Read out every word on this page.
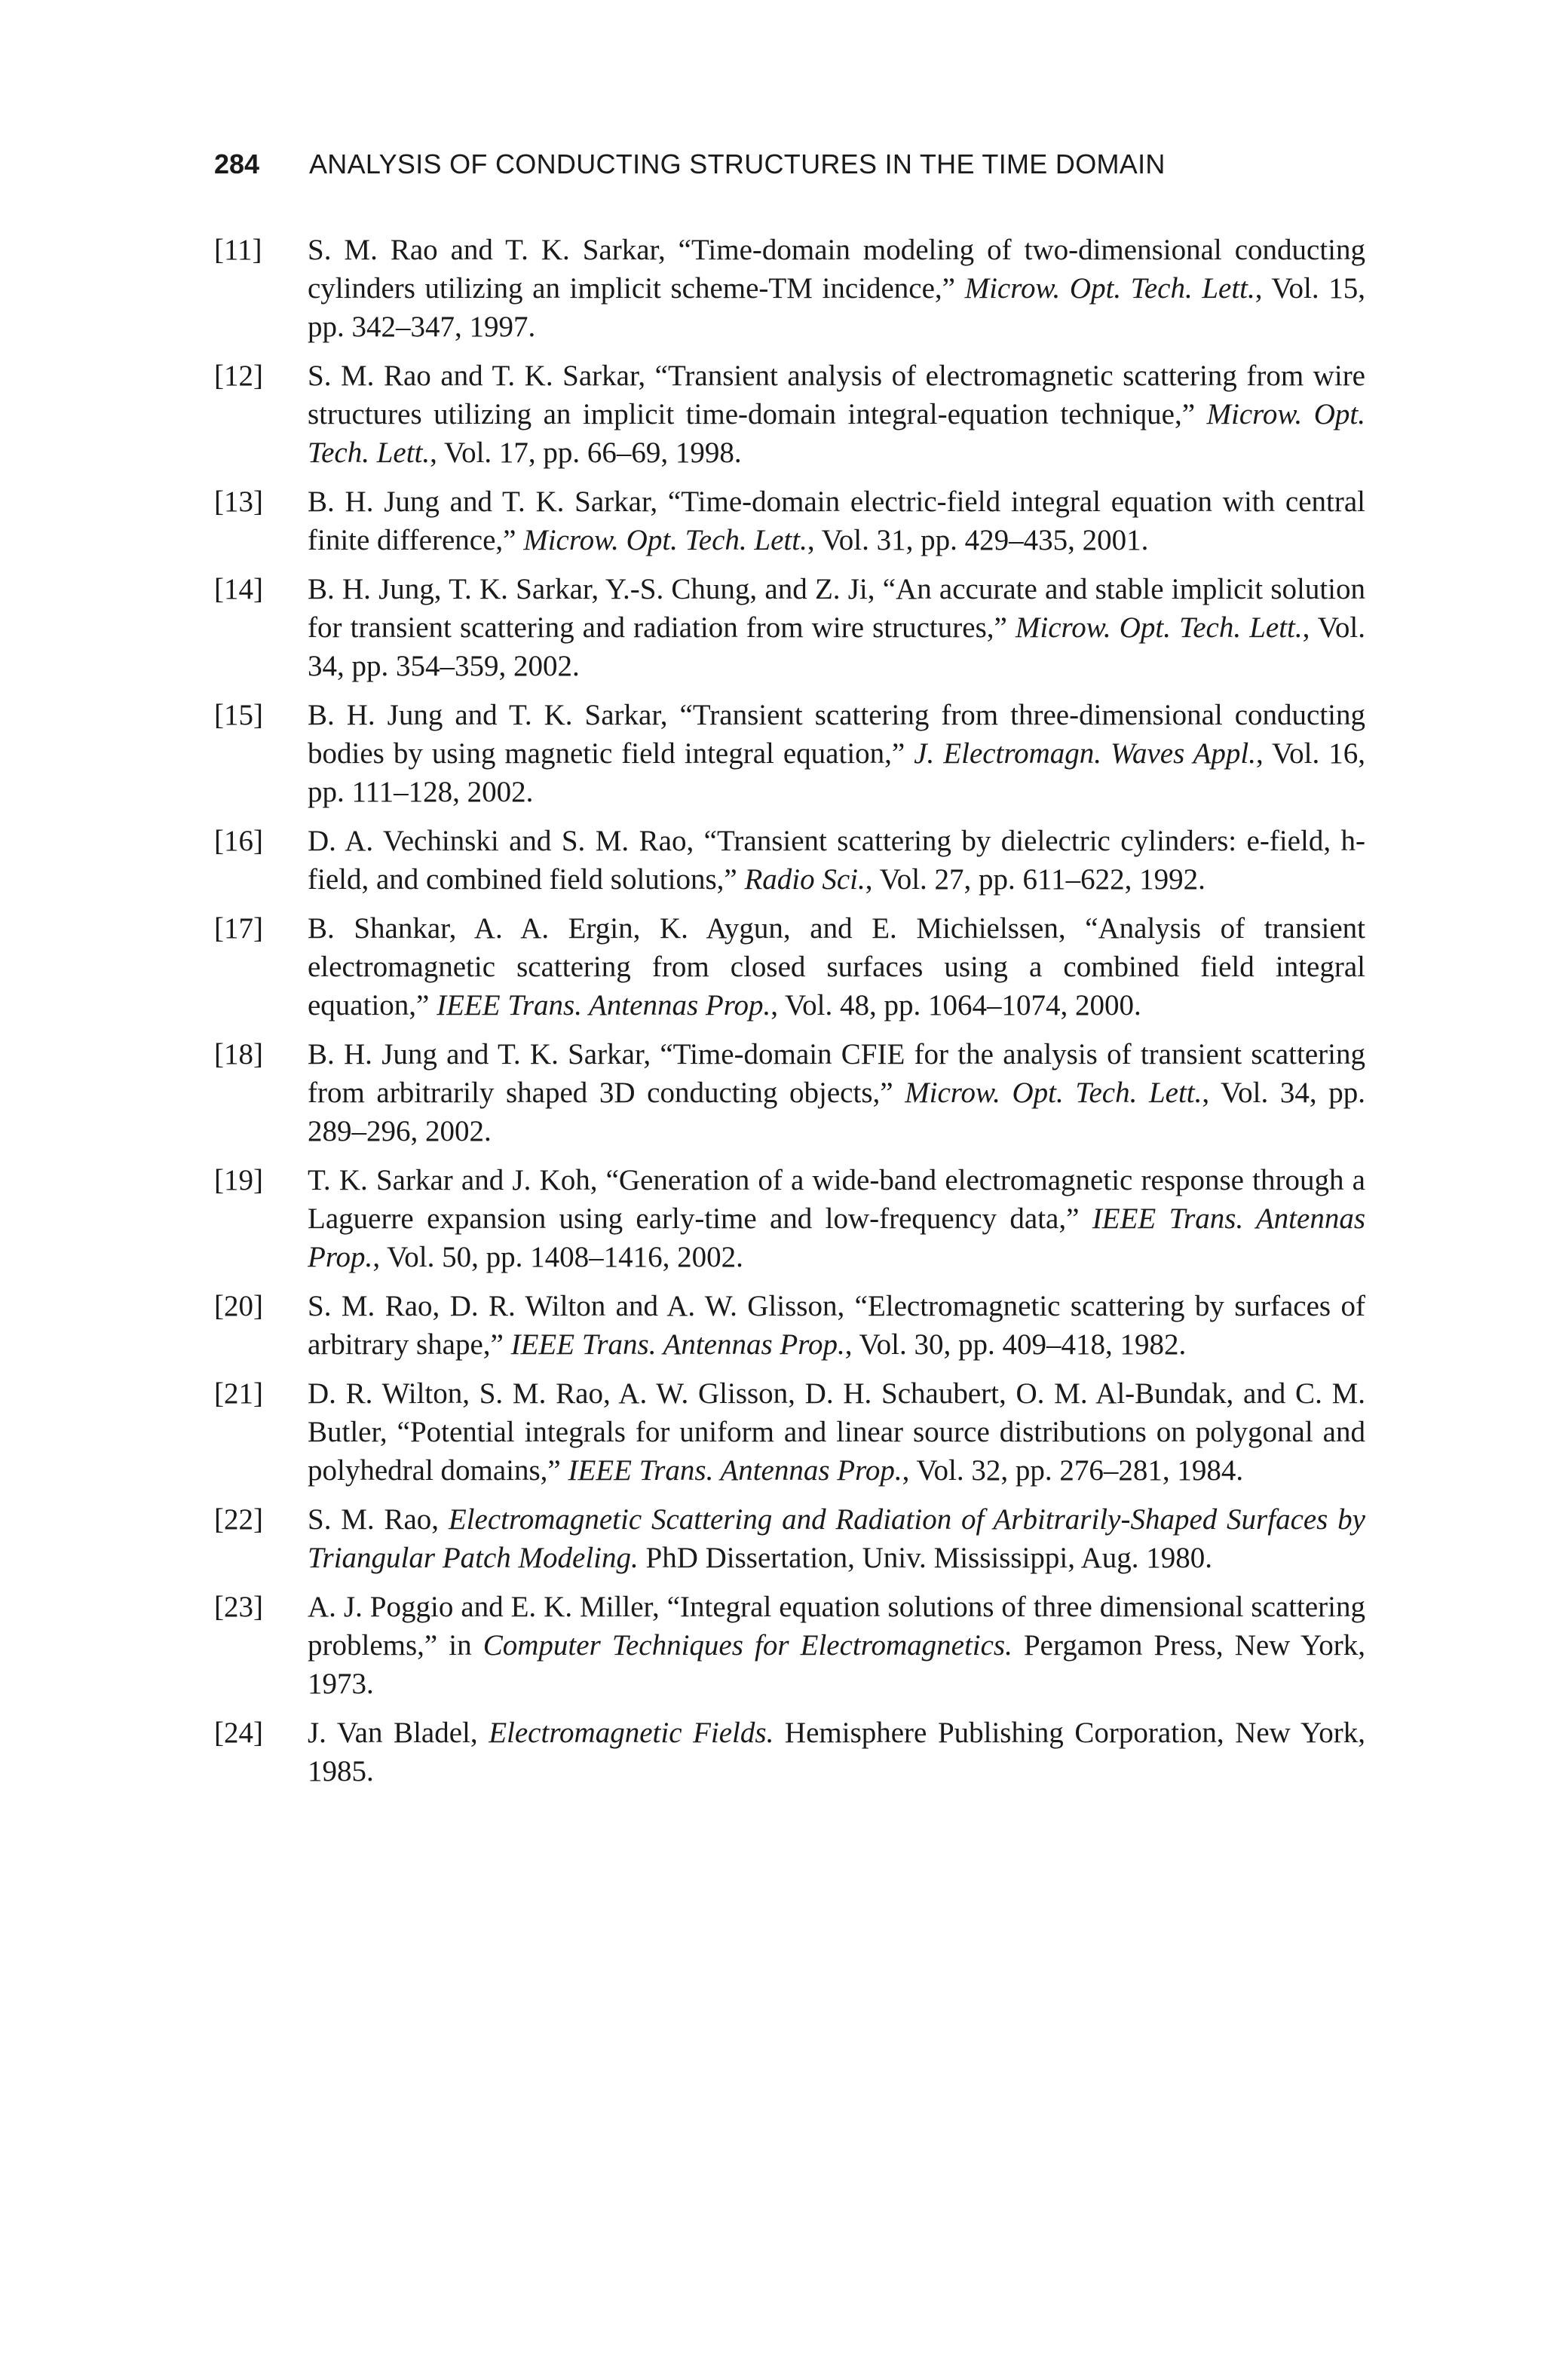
284 ANALYSIS OF CONDUCTING STRUCTURES IN THE TIME DOMAIN
[11]	S. M. Rao and T. K. Sarkar, “Time-domain modeling of two-dimensional conducting cylinders utilizing an implicit scheme-TM incidence,” Microw. Opt. Tech. Lett., Vol. 15, pp. 342–347, 1997.
[12]	S. M. Rao and T. K. Sarkar, “Transient analysis of electromagnetic scattering from wire structures utilizing an implicit time-domain integral-equation technique,” Microw. Opt. Tech. Lett., Vol. 17, pp. 66–69, 1998.
[13]	B. H. Jung and T. K. Sarkar, “Time-domain electric-field integral equation with central finite difference,” Microw. Opt. Tech. Lett., Vol. 31, pp. 429–435, 2001.
[14]	B. H. Jung, T. K. Sarkar, Y.-S. Chung, and Z. Ji, “An accurate and stable implicit solution for transient scattering and radiation from wire structures,” Microw. Opt. Tech. Lett., Vol. 34, pp. 354–359, 2002.
[15]	B. H. Jung and T. K. Sarkar, “Transient scattering from three-dimensional conducting bodies by using magnetic field integral equation,” J. Electromagn. Waves Appl., Vol. 16, pp. 111–128, 2002.
[16]	D. A. Vechinski and S. M. Rao, “Transient scattering by dielectric cylinders: e-field, h-field, and combined field solutions,” Radio Sci., Vol. 27, pp. 611–622, 1992.
[17]	B. Shankar, A. A. Ergin, K. Aygun, and E. Michielssen, “Analysis of transient electromagnetic scattering from closed surfaces using a combined field integral equation,” IEEE Trans. Antennas Prop., Vol. 48, pp. 1064–1074, 2000.
[18]	B. H. Jung and T. K. Sarkar, “Time-domain CFIE for the analysis of transient scattering from arbitrarily shaped 3D conducting objects,” Microw. Opt. Tech. Lett., Vol. 34, pp. 289–296, 2002.
[19]	T. K. Sarkar and J. Koh, “Generation of a wide-band electromagnetic response through a Laguerre expansion using early-time and low-frequency data,” IEEE Trans. Antennas Prop., Vol. 50, pp. 1408–1416, 2002.
[20]	S. M. Rao, D. R. Wilton and A. W. Glisson, “Electromagnetic scattering by surfaces of arbitrary shape,” IEEE Trans. Antennas Prop., Vol. 30, pp. 409–418, 1982.
[21]	D. R. Wilton, S. M. Rao, A. W. Glisson, D. H. Schaubert, O. M. Al-Bundak, and C. M. Butler, “Potential integrals for uniform and linear source distributions on polygonal and polyhedral domains,” IEEE Trans. Antennas Prop., Vol. 32, pp. 276–281, 1984.
[22]	S. M. Rao, Electromagnetic Scattering and Radiation of Arbitrarily-Shaped Surfaces by Triangular Patch Modeling. PhD Dissertation, Univ. Mississippi, Aug. 1980.
[23]	A. J. Poggio and E. K. Miller, “Integral equation solutions of three dimensional scattering problems,” in Computer Techniques for Electromagnetics. Pergamon Press, New York, 1973.
[24]	J. Van Bladel, Electromagnetic Fields. Hemisphere Publishing Corporation, New York, 1985.
